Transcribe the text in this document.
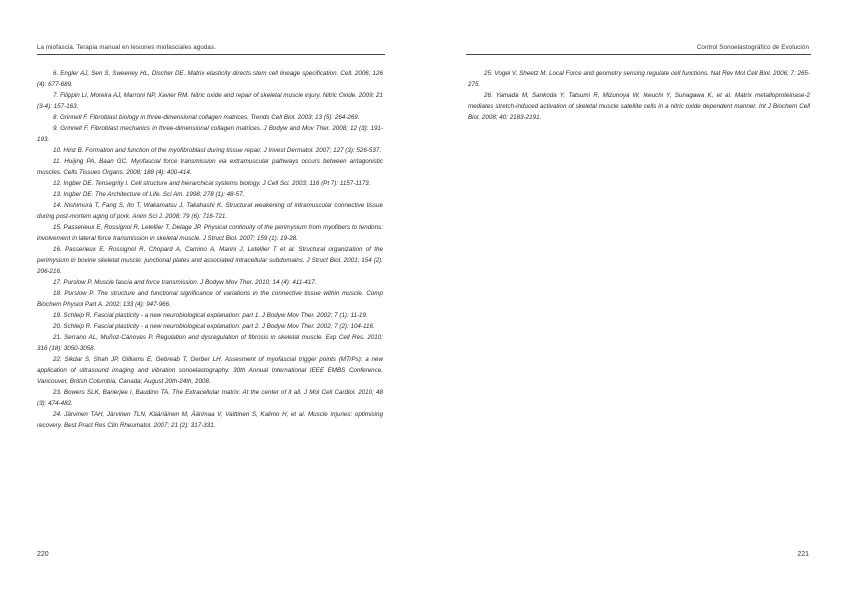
La miofascia. Terapia manual en lesiones miofasciales agudas.

6. Engler AJ, Sen S, Sweeney HL, Discher DE. Matrix elasticity directs stem cell lineage specification. Cell. 2006; 126 (4): 677-689.

7. Filippin LI, Moreira AJ, Marroni NP, Xavier RM. Nitric oxide and repair of skeletal muscle injury. Nitric Oxide. 2009; 21 (3-4): 157-163.

8. Grinnell F. Fibroblast biology in three-dimensional collagen matrices. Trends Cell Biol. 2003; 13 (5): 264-269.

9. Grinnell F. Fibroblast mechanics in three-dimensional collagen matrices. J Bodyw and Mov Ther. 2008; 12 (3): 191-193.

10. Hinz B. Formation and function of the myofibroblast during tissue repair. J Invest Dermatol. 2007; 127 (3): 526-537.

11. Huijing PA, Baan GC. Myofascial force transmission via extramuscular pathways occurs between antagonistic muscles. Cells Tissues Organs. 2008; 188 (4): 400-414.

12. Ingber DE. Tensegrity I. Cell structure and hierarchical systems biology. J Cell Sci. 2003; 116 (Pt 7): 1157-1173.

13. Ingber DE. The Architecture of Life. Sci Am. 1998; 278 (1): 48-57.

14. Nishimura T, Fang S, Ito T, Wakamatsu J, Takahashi K. Structural weakening of intramuscular connective tissue during post-mortem aging of pork. Anim Sci J. 2008; 79 (6): 716-721.

15. Passerieux E, Rossignol R, Letellier T, Delage JP. Physical continuity of the perimysium from myofibers to tendons: involvement in lateral force transmission in skeletal muscle. J Struct Biol. 2007; 159 (1): 19-28.

16. Passerieux E, Rossignol R, Chopard A, Carnino A, Marini J, Letellier T et al. Structural organization of the perimysium in bovine skeletal muscle: junctional plates and associated intracellular subdomains. J Struct Biol. 2001; 154 (2): 206-216.

17. Purslow P. Muscle fascia and force transmission. J Bodyw Mov Ther. 2010; 14 (4): 411-417.

18. Purslow P. The structure and functional significance of variations in the connective tissue within muscle. Comp Biochem Physiol Part A. 2002; 133 (4): 947-966.

19. Schleip R. Fascial plasticity - a new neurobiological explanation: part 1. J Bodyw Mov Ther. 2002; 7 (1): 11-19.

20. Schleip R. Fascial plasticity - a new neurobiological explanation: part 2. J Bodyw Mov Ther. 2002; 7 (2): 104-116.

21. Serrano AL, Muñoz-Cánoves P. Regulation and dysregulation of fibrosis in skeletal muscle. Exp Cell Res. 2010; 316 (18): 3050-3058.

22. Sikdar S, Shah JP, Gilliams E, Gebreab T, Gerber LH. Assesment of myofascial trigger points (MTrPs): a new application of ultrasound imaging and vibration sonoelastography. 30th Annual International IEEE EMBS Conference. Vancouver, British Columbia, Canada; August 20th-24th, 2008.

23. Bowers SLK, Banerjee I, Baudino TA. The Extracellular matrix: At the center of it all. J Mol Cell Cardiol. 2010; 48 (3): 474-482.

24. Järvinen TAH, Järvinen TLN, Kääriäinen M, Äärimaa V, Vaittinen S, Kalimo H, et al. Muscle Injuries: optimising recovery. Best Pract Res Clin Rheumatol. 2007; 21 (2): 317-331.

220
Control Sonoelastográfico de Evolución

25. Vogel V, Sheetz M. Local Force and geometry sensing regulate cell functions. Nat Rev Mol Cell Biol. 2006; 7: 265-275.

26. Yamada M, Sankoda Y, Tatsumi R, Mizunoya W, Ikeuchi Y, Sunagawa K, et al. Matrix metalloproteinase-2 mediates stretch-induced activation of skeletal muscle satellite cells in a nitric oxide dependent manner. Int J Biochem Cell Biol. 2008; 40: 2183-2191.

221
